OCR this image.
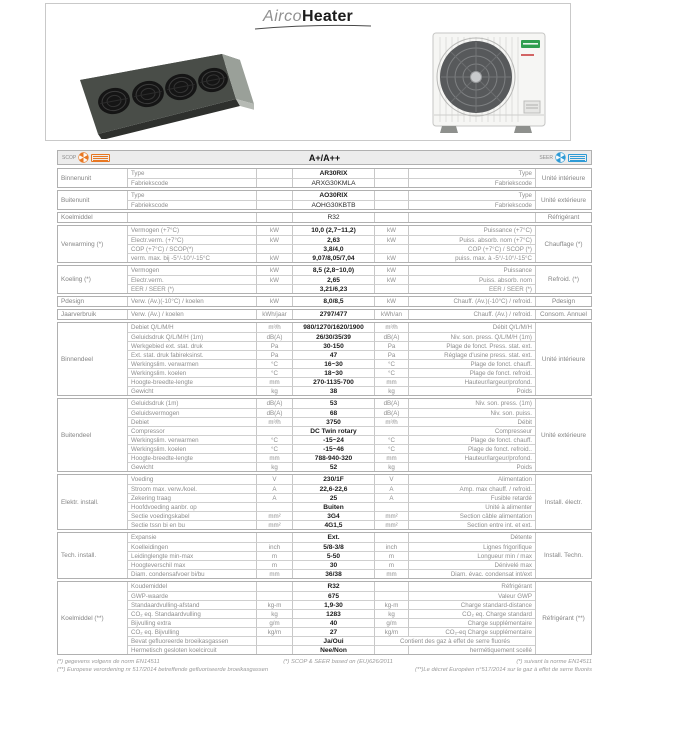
AircoHeater
SCOP	A+/A++	SEER
Binnenunit
Type	AR30RIX	Type
Fabriekscode	ARXG30KMLA	Fabriekscode
Unité intérieure
Buitenunit
Type	AO30RIX	Type
Fabriekscode	AOHG30KBTB	Fabriekscode
Unité extérieure
Koelmiddel	R32	Réfrigérant
Verwarming (*)
Vermogen (+7°C)	kW	10,0 (2,7~11,2)	kW	Puissance (+7°C)
Electr.verm. (+7°C)	kW	2,63	kW	Puiss. absorb. nom (+7°C)
COP (+7°C) / SCOP(*)	3,8/4,0	COP (+7°C) / SCOP (*)
verm. max. bij -5°/-10°/-15°C	kW	9,07/8,05/7,04	kW	puiss. max. à -5°/-10°/-15°C
Chauffage (*)
Koeling (*)
Vermogen	kW	8,5 (2,8~10,0)	kW	Puissance
Electr.verm.	kW	2,65	kW	Puiss. absorb. nom
EER / SEER (*)	3,21/6,23	EER / SEER (*)
Refroid. (*)
Pdesign	Verw. (Av.)(-10°C) / koelen	kW	8,0/8,5	kW	Chauff. (Av.)(-10°C) / refroid.	Pdesign
Jaarverbruik	Verw. (Av.) / koelen	kWh/jaar	2797/477	kWh/an	Chauff. (Av.) / refroid.	Consom. Annuel
Binnendeel
Debiet Q/L/M/H	m³/h	980/1270/1620/1900	m³/h	Débit Q/L/M/H
Geluidsdruk Q/L/M/H (1m)	dB(A)	26/30/35/39	dB(A)	Niv. son. press. Q/L/M/H (1m)
Werkgebied ext. stat. druk	Pa	30-150	Pa	Plage de fonct. Press. stat. ext.
Ext. stat. druk fabireksinst.	Pa	47	Pa	Réglage d'usine press. stat. ext.
Werkingslim. verwarmen	°C	16~30	°C	Plage de fonct. chauff.
Werkingslim. koelen	°C	18~30	°C	Plage de fonct. refroid.
Hoogte-breedte-lengte	mm	270-1135-700	mm	Hauteur/largeur/profond.
Gewicht	kg	38	kg	Poids
Unité intérieure
Buitendeel
Geluidsdruk (1m)	dB(A)	53	dB(A)	Niv. son. press. (1m)
Geluidsvermogen	dB(A)	68	dB(A)	Niv. son. puiss.
Debiet	m³/h	3750	m³/h	Débit
Compressor	DC Twin rotary	Compresseur
Werkingslim. verwarmen	°C	-15~24	°C	Plage de fonct. chauff.
Werkingslim. koelen	°C	-15~46	°C	Plage de fonct. refroid..
Hoogte-breedte-lengte	mm	788-940-320	mm	Hauteur/largeur/profond.
Gewicht	kg	52	kg	Poids
Unité extérieure
Elektr. install.
Voeding	V	230/1F	V	Alimentation
Stroom max. verw./koel.	A	22,6-22,6	A	Amp. max chauff. / refroid.
Zekering traag	A	25	A	Fusible retardé
Hoofdvoeding aanbr. op	Buiten	Unité à alimenter
Sectie voedingskabel	mm²	3G4	mm²	Section câble alimentation
Sectie tssn bi en bu	mm²	4G1,5	mm²	Section entre int. et ext.
Install. électr.
Tech. install.
Expansie	Ext.	Détente
Koelleidingen	inch	5/8-3/8	inch	Lignes frigorifique
Leidinglengte min-max	m	5-50	m	Longueur min / max
Hoogteverschil max	m	30	m	Dénivelé max
Diam. condensafvoer bi/bu	mm	36/38	mm	Diam. évac. condensat int/ext
Install. Techn.
Koelmiddel (**)
Koudemiddel	R32	Réfrigérant
GWP-waarde	675	Valeur GWP
Standaardvulling-afstand	kg-m	1,9-30	kg-m	Charge standard-distance
CO₂ eq. Standaardvulling	kg	1283	kg	CO₂ eq. Charge standard
Bijvulling extra	g/m	40	g/m	Charge supplémentaire
CO₂ eq. Bijvulling	kg/m	27	kg/m	CO₂-eq Charge supplémentaire
Bevat gefluoreerde broeikasgassen	Ja/Oui	Contient des gaz à effet de serre fluorés
Hermetisch gesloten koelcircuit	Nee/Non	hermétiquement scellé
Réfrigérant (**)
(*) gegevens volgens de norm EN14511	(*) SCOP & SEER based on (EU)626/2011	(*) suivant la norme EN14511
(**) Europese verordening nr 517/2014 betreffende gefluoriseerde broeikasgassen	(**)Le décret Européen n°517/2014 sur le gaz à effet de serre fluorés
